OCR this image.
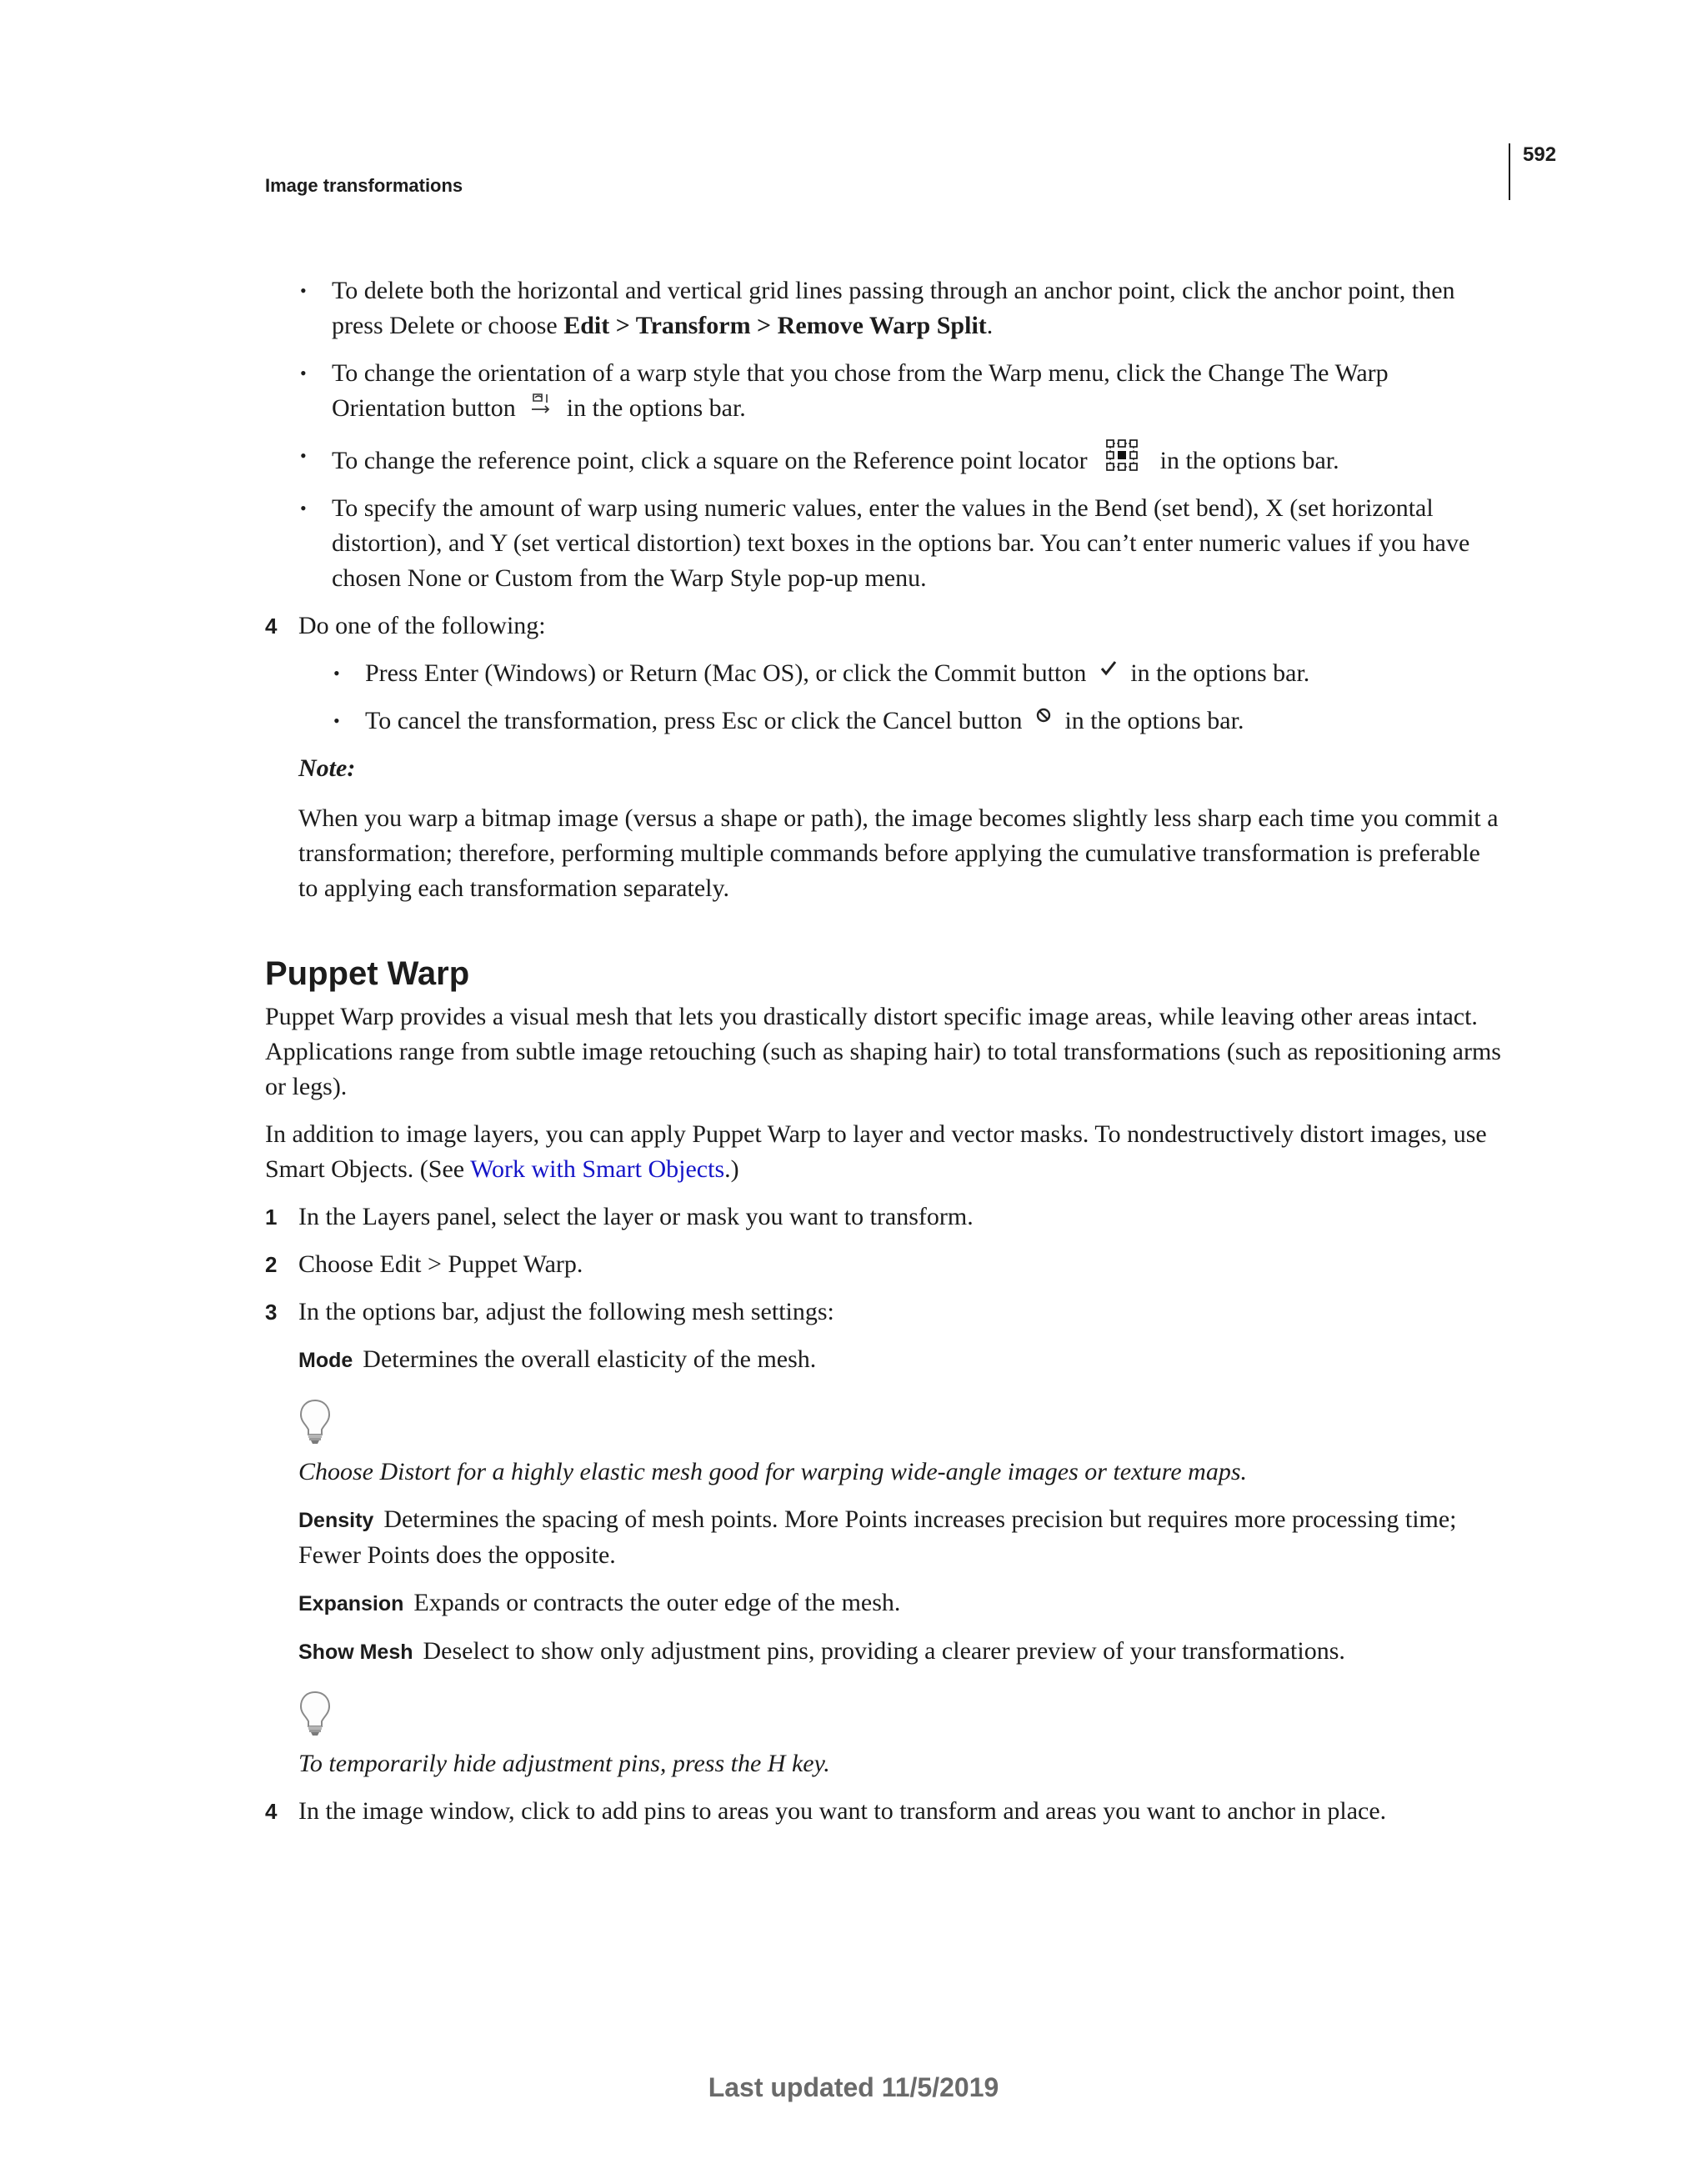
592
Image transformations
• To delete both the horizontal and vertical grid lines passing through an anchor point, click the anchor point, then press Delete or choose Edit > Transform > Remove Warp Split.
• To change the orientation of a warp style that you chose from the Warp menu, click the Change The Warp Orientation button in the options bar.
• To change the reference point, click a square on the Reference point locator	in the options bar.
• To specify the amount of warp using numeric values, enter the values in the Bend (set bend), X (set horizontal distortion), and Y (set vertical distortion) text boxes in the options bar. You can’t enter numeric values if you have chosen None or Custom from the Warp Style pop-up menu.
4 Do one of the following:
• Press Enter (Windows) or Return (Mac OS), or click the Commit button in the options bar.
• To cancel the transformation, press Esc or click the Cancel button in the options bar.
Note:
When you warp a bitmap image (versus a shape or path), the image becomes slightly less sharp each time you commit a transformation; therefore, performing multiple commands before applying the cumulative transformation is preferable to applying each transformation separately.
Puppet Warp
Puppet Warp provides a visual mesh that lets you drastically distort specific image areas, while leaving other areas intact. Applications range from subtle image retouching (such as shaping hair) to total transformations (such as repositioning arms or legs).
In addition to image layers, you can apply Puppet Warp to layer and vector masks. To nondestructively distort images, use Smart Objects. (See Work with Smart Objects.)
1 In the Layers panel, select the layer or mask you want to transform.
2 Choose Edit > Puppet Warp.
3 In the options bar, adjust the following mesh settings:
Mode Determines the overall elasticity of the mesh.
Choose Distort for a highly elastic mesh good for warping wide-angle images or texture maps.
Density Determines the spacing of mesh points. More Points increases precision but requires more processing time; Fewer Points does the opposite.
Expansion Expands or contracts the outer edge of the mesh.
Show Mesh Deselect to show only adjustment pins, providing a clearer preview of your transformations.
To temporarily hide adjustment pins, press the H key.
4 In the image window, click to add pins to areas you want to transform and areas you want to anchor in place.
Last updated 11/5/2019
